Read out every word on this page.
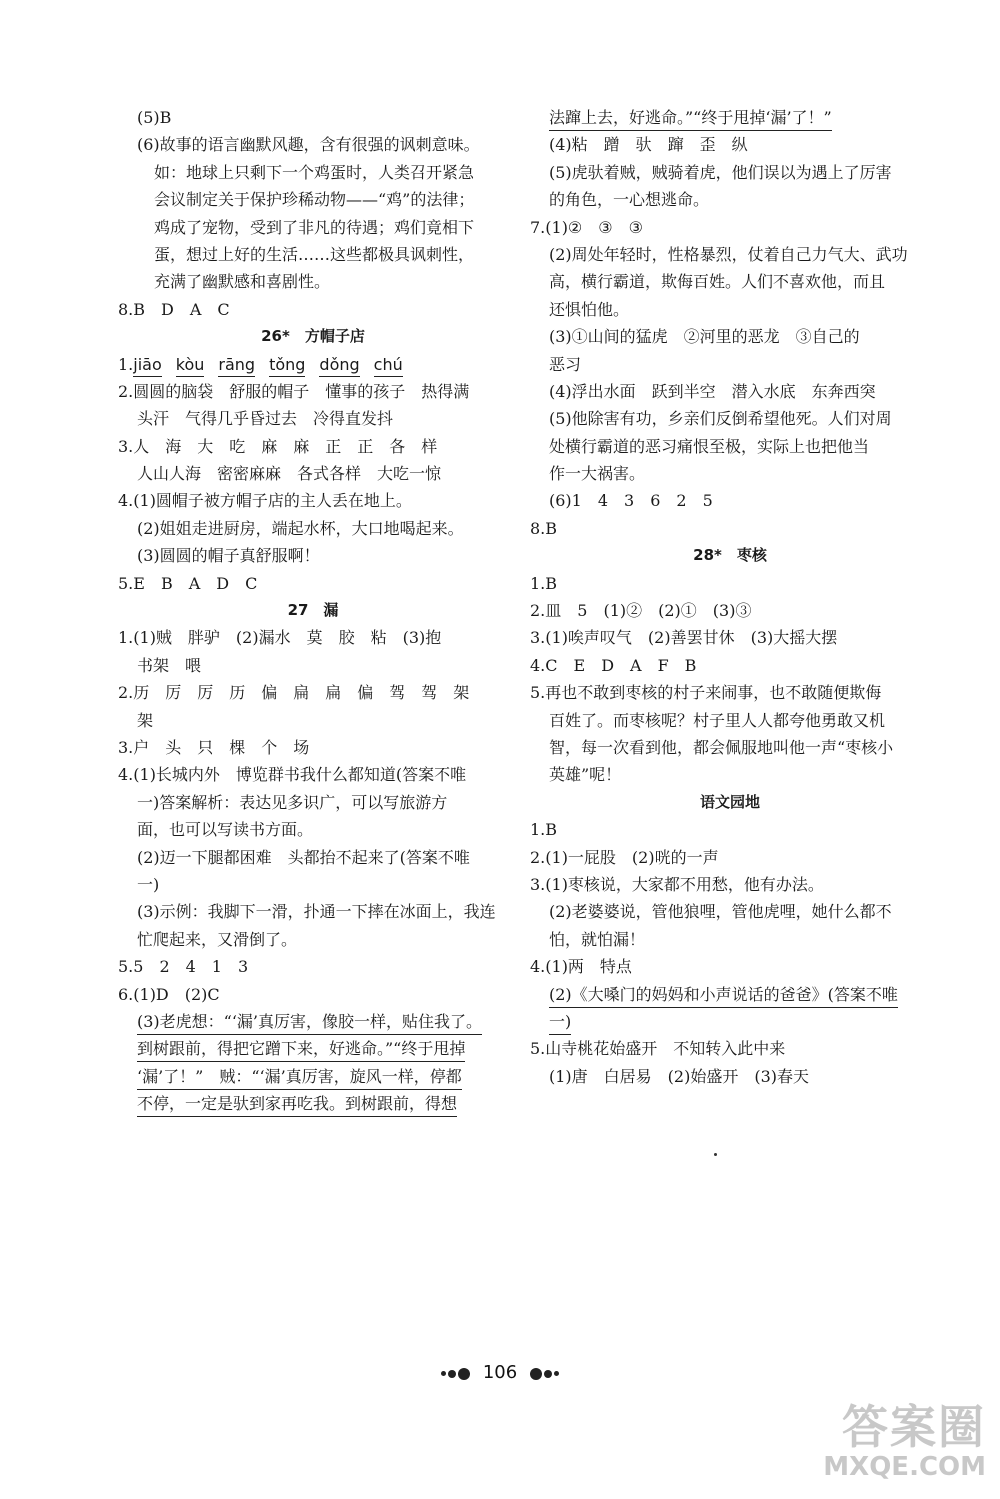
(5)B
(6)故事的语言幽默风趣，含有很强的讽刺意味。
如：地球上只剩下一个鸡蛋时，人类召开紧急
会议制定关于保护珍稀动物——“鸡”的法律；
鸡成了宠物，受到了非凡的待遇；鸡们竟相下
蛋，想过上好的生活……这些都极具讽刺性，
充满了幽默感和喜剧性。
8.B　D　A　C
26*　方帽子店
1.jiāo kòu rāng tǒng dǒng chú
2.圆圆的脑袋　舒服的帽子　懂事的孩子　热得满
头汗　气得几乎昏过去　冷得直发抖
3.人　海　大　吃　麻　麻　正　正　各　样
人山人海　密密麻麻　各式各样　大吃一惊
4.(1)圆帽子被方帽子店的主人丢在地上。
(2)姐姐走进厨房，端起水杯，大口地喝起来。
(3)圆圆的帽子真舒服啊！
5.E　B　A　D　C
27　漏
1.(1)贼　胖驴　(2)漏水　莫　胶　粘　(3)抱
书架　喂
2.历　厉　厉　历　偏　扁　扁　偏　驾　驾　架
架
3.户　头　只　棵　个　场
4.(1)长城内外　博览群书我什么都知道(答案不唯
一)答案解析：表达见多识广，可以写旅游方
面，也可以写读书方面。
(2)迈一下腿都困难　头都抬不起来了(答案不唯
一)
(3)示例：我脚下一滑，扑通一下摔在冰面上，我连
忙爬起来，又滑倒了。
5.5　2　4　1　3
6.(1)D　(2)C
(3)老虎想：“‘漏’真厉害，像胶一样，贴住我了。
到树跟前，得把它蹭下来，好逃命。”“终于甩掉
‘漏’了！”　贼：“‘漏’真厉害，旋风一样，停都
不停，一定是驮到家再吃我。到树跟前，得想
法蹿上去，好逃命。”“终于甩掉‘漏’了！”
(4)粘　蹭　驮　蹿　歪　纵
(5)虎驮着贼，贼骑着虎，他们误以为遇上了厉害
的角色，一心想逃命。
7.(1)②　③　③
(2)周处年轻时，性格暴烈，仗着自己力气大、武功
高，横行霸道，欺侮百姓。人们不喜欢他，而且
还惧怕他。
(3)①山间的猛虎　②河里的恶龙　③自己的
恶习
(4)浮出水面　跃到半空　潜入水底　东奔西突
(5)他除害有功，乡亲们反倒希望他死。人们对周
处横行霸道的恶习痛恨至极，实际上也把他当
作一大祸害。
(6)1　4　3　6　2　5
8.B
28*　枣核
1.B
2.皿　5　(1)②　(2)①　(3)③
3.(1)唉声叹气　(2)善罢甘休　(3)大摇大摆
4.C　E　D　A　F　B
5.再也不敢到枣核的村子来闹事，也不敢随便欺侮
百姓了。而枣核呢？村子里人人都夸他勇敢又机
智，每一次看到他，都会佩服地叫他一声“枣核小
英雄”呢！
语文园地
1.B
2.(1)一屁股　(2)咣的一声
3.(1)枣核说，大家都不用愁，他有办法。
(2)老婆婆说，管他狼哩，管他虎哩，她什么都不
怕，就怕漏！
4.(1)两　特点
(2)《大嗓门的妈妈和小声说话的爸爸》(答案不唯
一)
5.山寺桃花始盛开　不知转入此中来
(1)唐　白居易　(2)始盛开　(3)春天
106
答案圈
MXQE.COM
